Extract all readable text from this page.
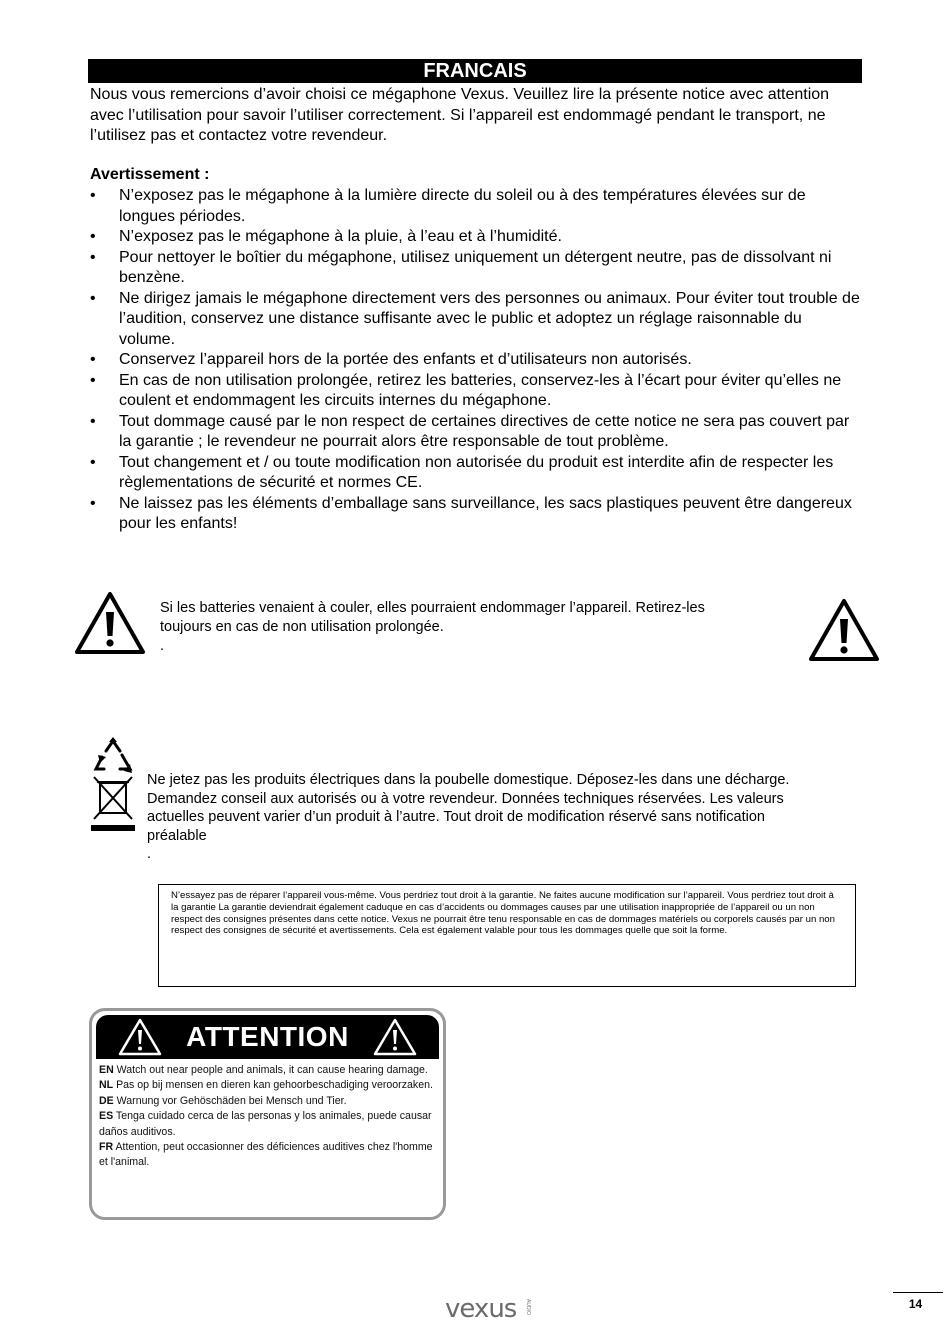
FRANCAIS
Nous vous remercions d’avoir choisi ce mégaphone Vexus. Veuillez lire la présente notice avec attention avec l’utilisation pour savoir l’utiliser correctement. Si l’appareil est endommagé pendant le transport, ne l’utilisez pas et contactez votre revendeur.
Avertissement :
• N’exposez pas le mégaphone à la lumière directe du soleil ou à des températures élevées sur de longues périodes.
• N’exposez pas le mégaphone à la pluie, à l’eau et à l’humidité.
• Pour nettoyer le boîtier du mégaphone, utilisez uniquement un détergent neutre, pas de dissolvant ni benzène.
• Ne dirigez jamais le mégaphone directement vers des personnes ou animaux. Pour éviter tout trouble de l’audition, conservez une distance suffisante avec le public et adoptez un réglage raisonnable du volume.
• Conservez l’appareil hors de la portée des enfants et d’utilisateurs non autorisés.
• En cas de non utilisation prolongée, retirez les batteries, conservez-les à l’écart pour éviter qu’elles ne coulent et endommagent les circuits internes du mégaphone.
• Tout dommage causé par le non respect de certaines directives de cette notice ne sera pas couvert par la garantie ; le revendeur ne pourrait alors être responsable de tout problème.
• Tout changement et / ou toute modification non autorisée du produit est interdite afin de respecter les règlementations de sécurité et normes CE.
• Ne laissez pas les éléments d’emballage sans surveillance, les sacs plastiques peuvent être dangereux pour les enfants!
Si les batteries venaient à couler, elles pourraient endommager l’appareil. Retirez-les
toujours en cas de non utilisation prolongée.
.
Ne jetez pas les produits électriques dans la poubelle domestique. Déposez-les dans une décharge.
Demandez conseil aux autorisés ou à votre revendeur. Données techniques réservées. Les valeurs
actuelles peuvent varier d’un produit à l’autre. Tout droit de modification réservé sans notification
préalable
.
N’essayez pas de réparer l’appareil vous-même. Vous perdriez tout droit à la garantie. Ne faites aucune modification sur l’appareil. Vous perdriez tout droit à la garantie La garantie deviendrait également caduque en cas d’accidents ou dommages causes par une utilisation inappropriée de l’appareil ou un non respect des consignes présentes dans cette notice. Vexus ne pourrait être tenu responsable en cas de dommages matériels ou corporels causés par un non respect des consignes de sécurité et avertissements. Cela est également valable pour tous les dommages quelle que soit la forme.
ATTENTION
EN Watch out near people and animals, it can cause hearing damage.
NL Pas op bij mensen en dieren kan gehoorbeschadiging veroorzaken.
DE Warnung vor Gehöschäden bei Mensch und Tier.
ES Tenga cuidado cerca de las personas y los animales, puede causar daños auditivos.
FR Attention, peut occasionner des déficiences auditives chez l'homme et l'animal.
vexus AUDIO	14
